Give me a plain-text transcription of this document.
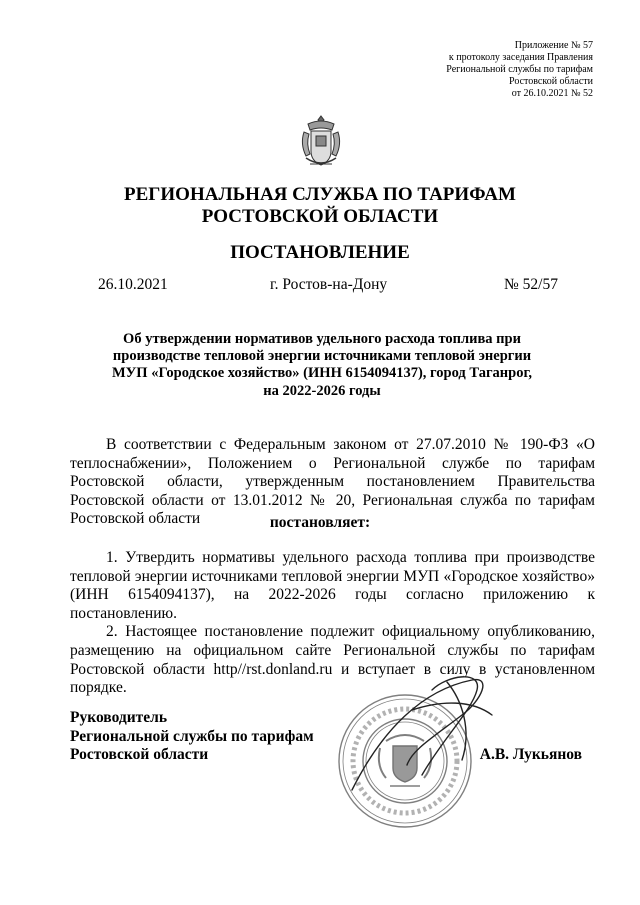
Приложение № 57
к протоколу заседания Правления
Региональной службы по тарифам
Ростовской области
от 26.10.2021 № 52
РЕГИОНАЛЬНАЯ СЛУЖБА ПО ТАРИФАМ
РОСТОВСКОЙ ОБЛАСТИ
ПОСТАНОВЛЕНИЕ
26.10.2021	г. Ростов-на-Дону	№ 52/57
Об утверждении нормативов удельного расхода топлива при
производстве тепловой энергии источниками тепловой энергии
МУП «Городское хозяйство» (ИНН 6154094137), город Таганрог,
на 2022-2026 годы
В соответствии с Федеральным законом от 27.07.2010 № 190-ФЗ «О теплоснабжении», Положением о Региональной службе по тарифам Ростовской области, утвержденным постановлением Правительства Ростовской области от 13.01.2012 № 20, Региональная служба по тарифам Ростовской области	постановляет:

1. Утвердить нормативы удельного расхода топлива при производстве тепловой энергии источниками тепловой энергии МУП «Городское хозяйство» (ИНН 6154094137), на 2022-2026 годы согласно приложению к постановлению.

2. Настоящее постановление подлежит официальному опубликованию, размещению на официальном сайте Региональной службы по тарифам Ростовской области http//rst.donland.ru и вступает в силу в установленном порядке.

Руководитель
Региональной службы по тарифам
Ростовской области	А.В. Лукьянов
